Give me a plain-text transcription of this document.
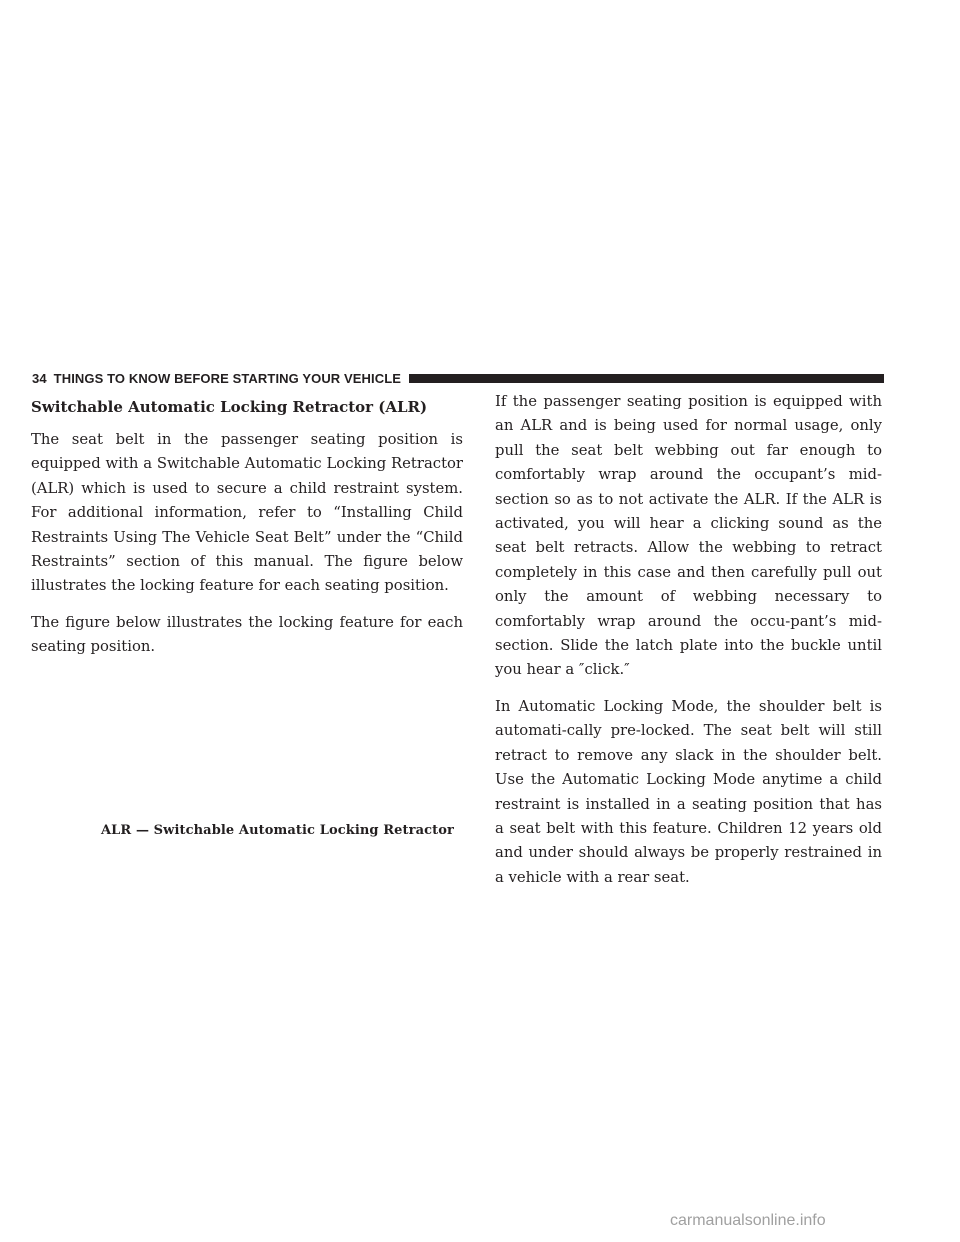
34 THINGS TO KNOW BEFORE STARTING YOUR VEHICLE
Switchable Automatic Locking Retractor (ALR)

The seat belt in the passenger seating position is equipped with a Switchable Automatic Locking Retractor (ALR) which is used to secure a child restraint system. For additional information, refer to “Installing Child Restraints Using The Vehicle Seat Belt” under the “Child Restraints” section of this manual. The figure below illustrates the locking feature for each seating position.

The figure below illustrates the locking feature for each seating position.

ALR — Switchable Automatic Locking Retractor

If the passenger seating position is equipped with an ALR and is being used for normal usage, only pull the seat belt webbing out far enough to comfortably wrap around the occupant’s mid-section so as to not activate the ALR. If the ALR is activated, you will hear a clicking sound as the seat belt retracts. Allow the webbing to retract completely in this case and then carefully pull out only the amount of webbing necessary to comfortably wrap around the occu-pant’s mid-section. Slide the latch plate into the buckle until you hear a ″click.″

In Automatic Locking Mode, the shoulder belt is automati-cally pre-locked. The seat belt will still retract to remove any slack in the shoulder belt. Use the Automatic Locking Mode anytime a child restraint is installed in a seating position that has a seat belt with this feature. Children 12 years old and under should always be properly restrained in a vehicle with a rear seat.

carmanualsonline.info
